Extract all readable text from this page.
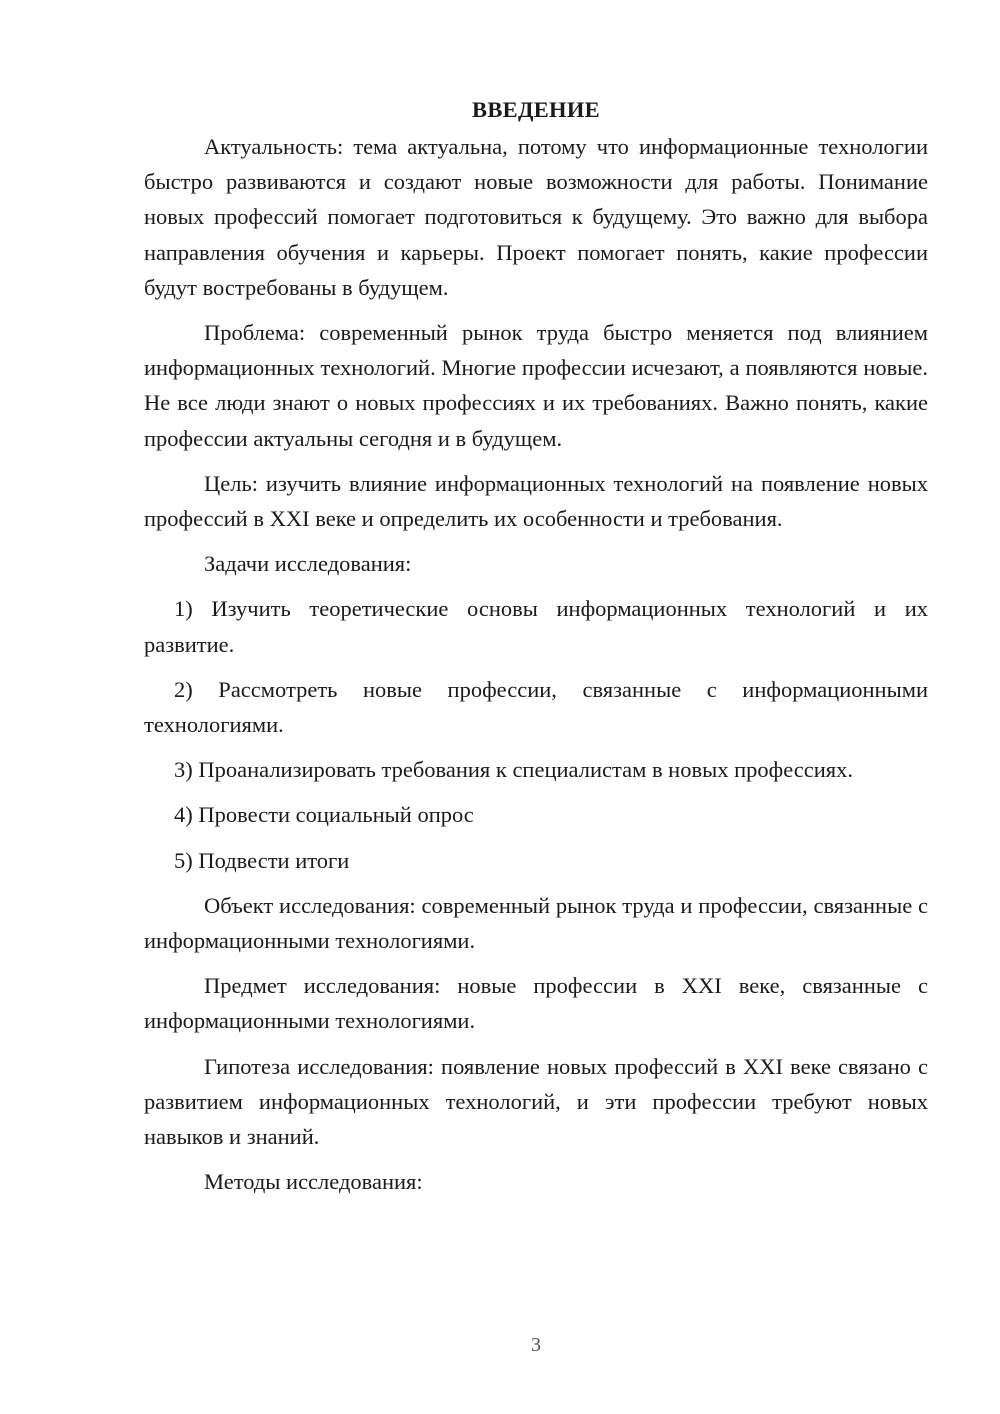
ВВЕДЕНИЕ

Актуальность: тема актуальна, потому что информационные технологии быстро развиваются и создают новые возможности для работы. Понимание новых профессий помогает подготовиться к будущему. Это важно для выбора направления обучения и карьеры. Проект помогает понять, какие профессии будут востребованы в будущем.

Проблема: современный рынок труда быстро меняется под влиянием информационных технологий. Многие профессии исчезают, а появляются новые. Не все люди знают о новых профессиях и их требованиях. Важно понять, какие профессии актуальны сегодня и в будущем.

Цель: изучить влияние информационных технологий на появление новых профессий в XXI веке и определить их особенности и требования.

Задачи исследования:

1) Изучить теоретические основы информационных технологий и их развитие.

2) Рассмотреть новые профессии, связанные с информационными технологиями.

3) Проанализировать требования к специалистам в новых профессиях.

4) Провести социальный опрос

5) Подвести итоги

Объект исследования: современный рынок труда и профессии, связанные с информационными технологиями.

Предмет исследования: новые профессии в XXI веке, связанные с информационными технологиями.

Гипотеза исследования: появление новых профессий в XXI веке связано с развитием информационных технологий, и эти профессии требуют новых навыков и знаний.

Методы исследования:

3
